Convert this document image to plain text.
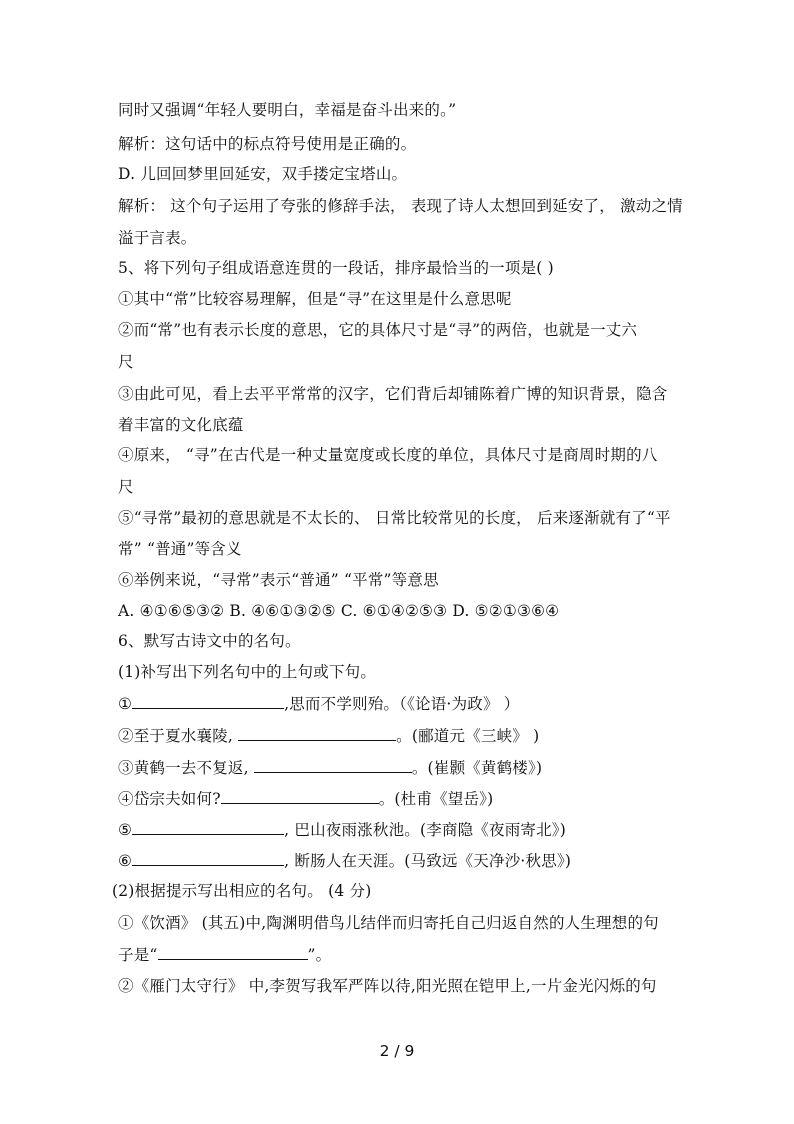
同时又强调“年轻人要明白，幸福是奋斗出来的。”
解析：这句话中的标点符号使用是正确的。
D. 儿回回梦里回延安，双手搂定宝塔山。
解析： 这个句子运用了夸张的修辞手法， 表现了诗人太想回到延安了， 激动之情
溢于言表。
5、将下列句子组成语意连贯的一段话，排序最恰当的一项是( )
①其中“常”比较容易理解，但是“寻”在这里是什么意思呢
②而“常”也有表示长度的意思，它的具体尺寸是“寻”的两倍，也就是一丈六
尺
③由此可见，看上去平平常常的汉字，它们背后却铺陈着广博的知识背景，隐含
着丰富的文化底蕴
④原来， “寻”在古代是一种丈量宽度或长度的单位，具体尺寸是商周时期的八
尺
⑤“寻常”最初的意思就是不太长的、 日常比较常见的长度， 后来逐渐就有了“平
常” “普通”等含义
⑥举例来说，“寻常”表示“普通” “平常”等意思
A. ④①⑥⑤③② B. ④⑥①③②⑤ C. ⑥①④②⑤③ D. ⑤②①③⑥④
6、默写古诗文中的名句。
(1)补写出下列名句中的上句或下句。
①	,思而不学则殆。（《论语·为政》 ）
②至于夏水襄陵,	。(郦道元《三峡》 )
③黄鹤一去不复返,	。(崔颢《黄鹤楼》)
④岱宗夫如何?	。(杜甫《望岳》)
⑤	, 巴山夜雨涨秋池。(李商隐《夜雨寄北》)
⑥	, 断肠人在天涯。(马致远《天净沙·秋思》)
(2)根据提示写出相应的名句。 (4 分)
①《饮酒》 (其五)中,陶渊明借鸟儿结伴而归寄托自己归返自然的人生理想的句
子是“	”。
②《雁门太守行》 中,李贺写我军严阵以待,阳光照在铠甲上,一片金光闪烁的句
2 / 9
